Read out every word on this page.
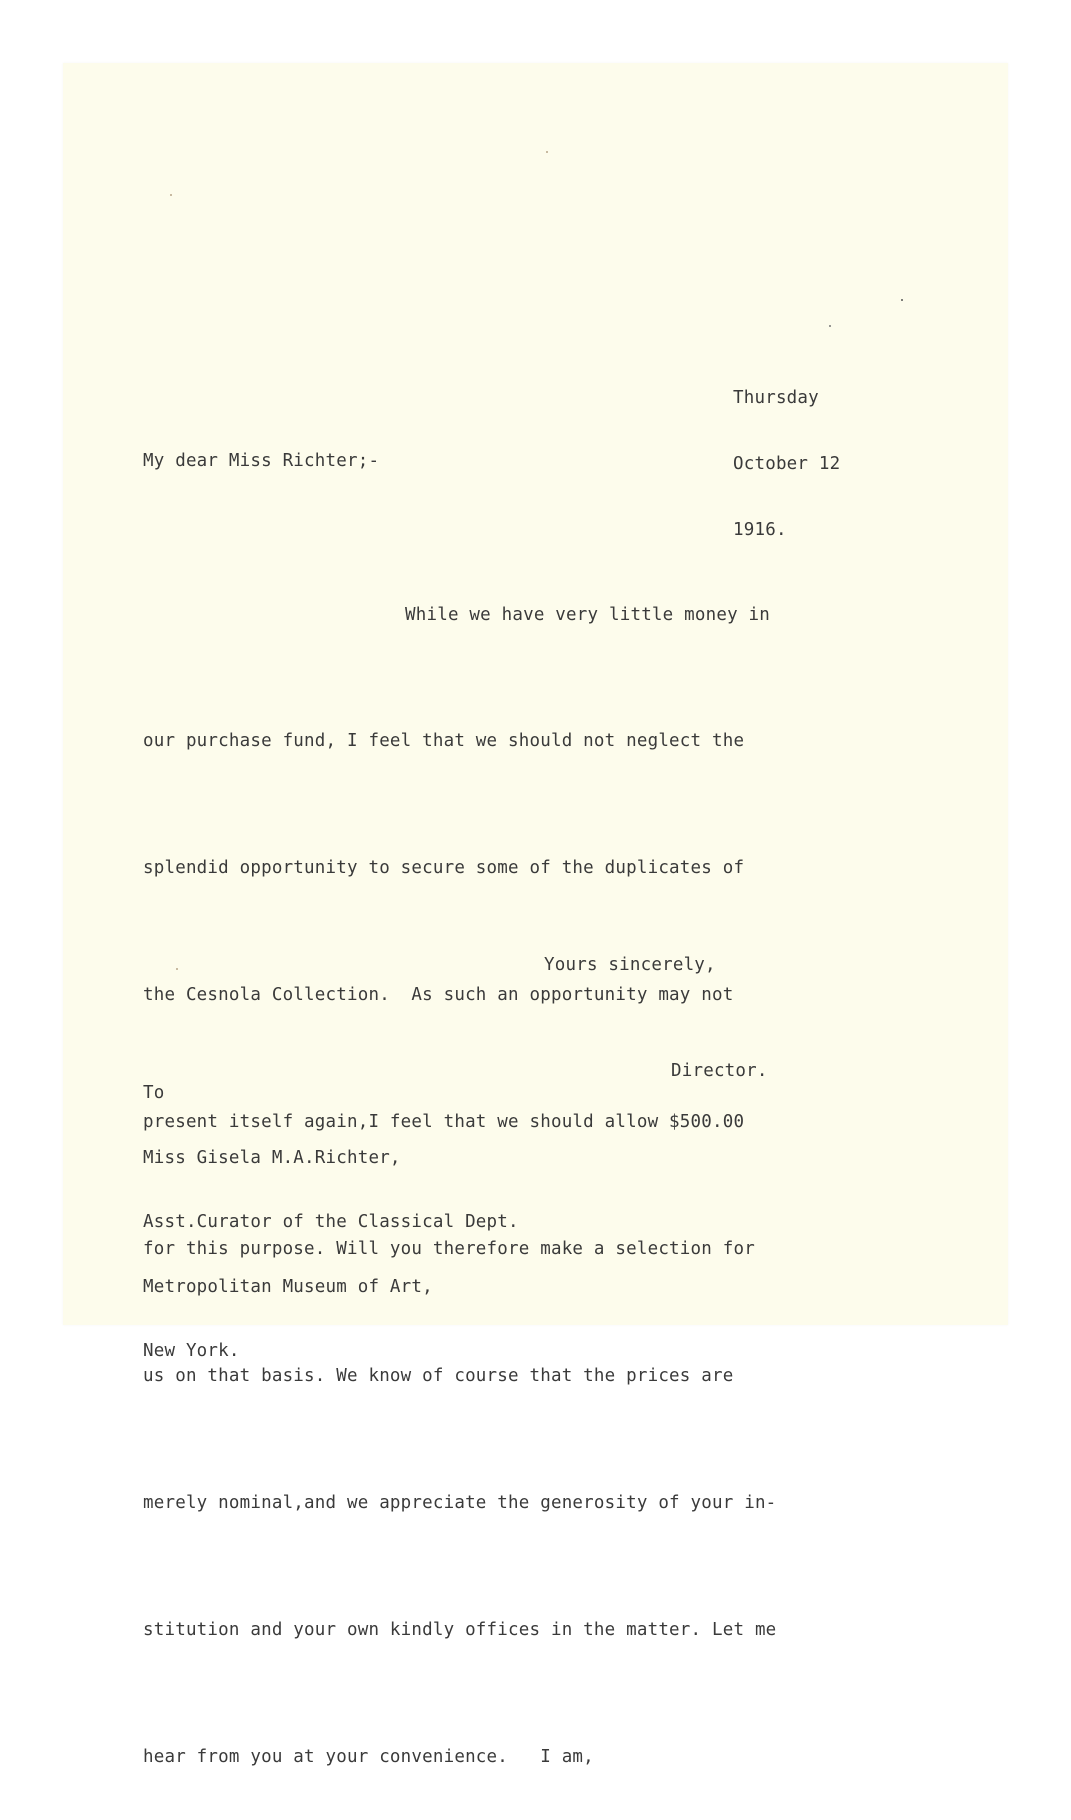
Thursday

October 12

1916.

My dear Miss Richter;-

While we have very little money in

our purchase fund, I feel that we should not neglect the

splendid opportunity to secure some of the duplicates of

the Cesnola Collection.  As such an opportunity may not

present itself again,I feel that we should allow $500.00

for this purpose. Will you therefore make a selection for

us on that basis. We know of course that the prices are

merely nominal,and we appreciate the generosity of your in-

stitution and your own kindly offices in the matter. Let me

hear from you at your convenience.   I am,

Yours sincerely,
Director.

To

Miss Gisela M.A.Richter,

Asst.Curator of the Classical Dept.

Metropolitan Museum of Art,

New York.
